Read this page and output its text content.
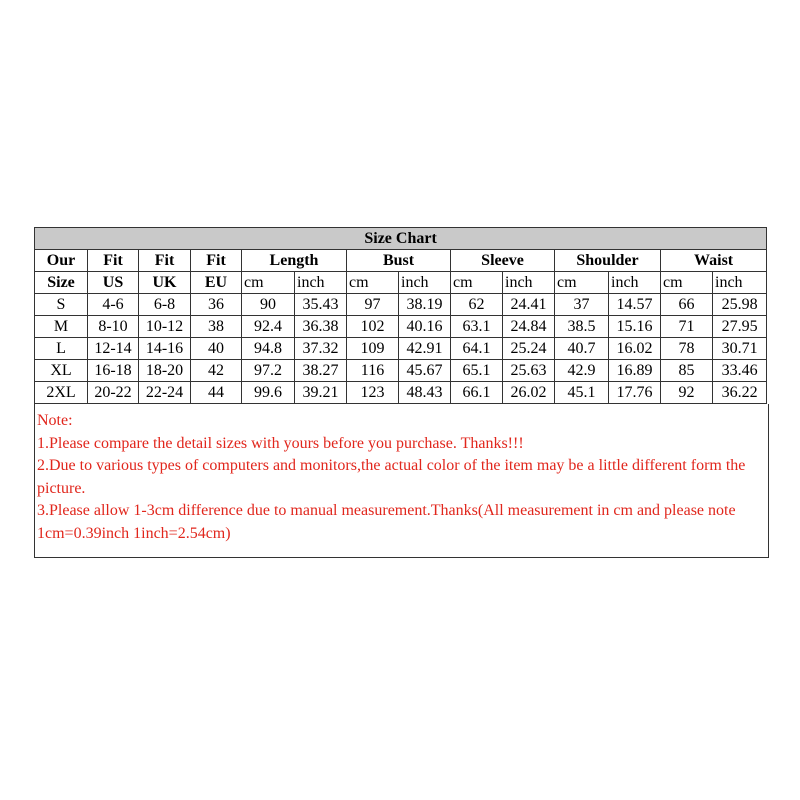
Size Chart													
Our	Fit	Fit	Fit	Length		Bust		Sleeve		Shoulder		Waist	
Size	US	UK	EU	cm	inch	cm	inch	cm	inch	cm	inch	cm	inch
S	4-6	6-8	36	90	35.43	97	38.19	62	24.41	37	14.57	66	25.98
M	8-10	10-12	38	92.4	36.38	102	40.16	63.1	24.84	38.5	15.16	71	27.95
L	12-14	14-16	40	94.8	37.32	109	42.91	64.1	25.24	40.7	16.02	78	30.71
XL	16-18	18-20	42	97.2	38.27	116	45.67	65.1	25.63	42.9	16.89	85	33.46
2XL	20-22	22-24	44	99.6	39.21	123	48.43	66.1	26.02	45.1	17.76	92	36.22

Note:

1.Please compare the detail sizes with yours before you purchase. Thanks!!!

2.Due to various types of computers and monitors,the actual color of the item may be a little different form the picture.

3.Please allow 1-3cm difference due to manual measurement.Thanks(All measurement in cm and please note 1cm=0.39inch 1inch=2.54cm)
